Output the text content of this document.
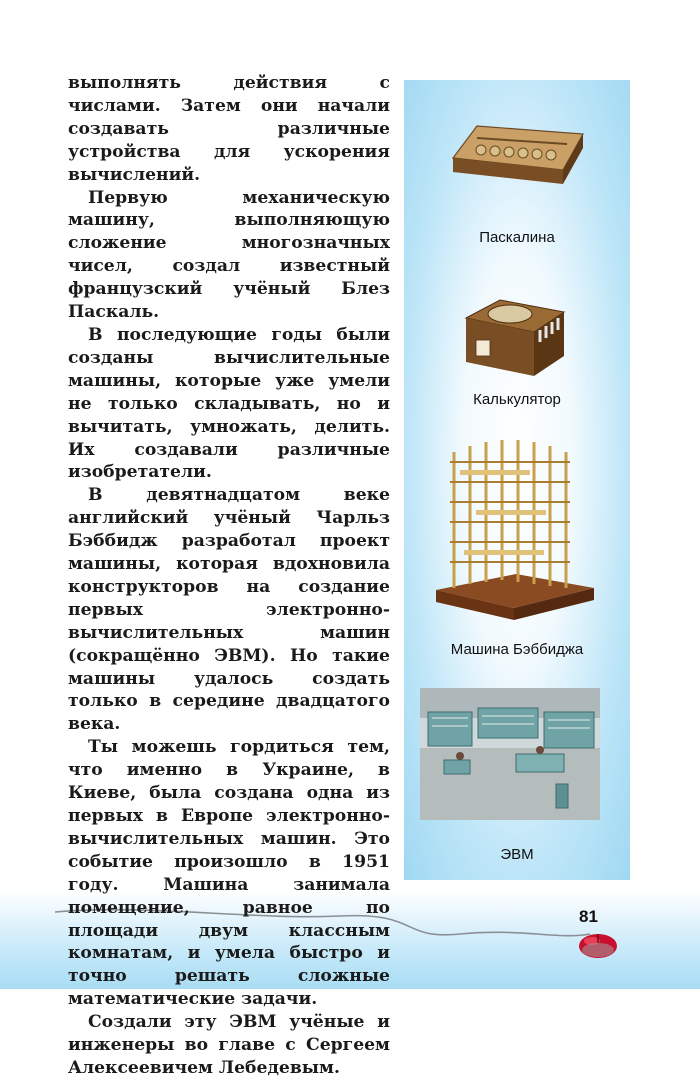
выполнять действия с числами. Затем они начали создавать различные устройства для ускорения вычислений.

Первую механическую машину, выполняющую сложение многозначных чисел, создал известный французский учёный Блез Паскаль.

В последующие годы были созданы вычислительные машины, которые уже умели не только складывать, но и вычитать, умножать, делить. Их создавали различные изобретатели.

В девятнадцатом веке английский учёный Чарльз Бэббидж разработал проект машины, которая вдохновила конструкторов на создание первых электронно-вычислительных машин (сокращённо ЭВМ). Но такие машины удалось создать только в середине двадцатого века.

Ты можешь гордиться тем, что именно в Украине, в Киеве, была создана одна из первых в Европе электронно-вычислительных машин. Это событие произошло в 1951 году. Машина занимала помещение, равное по площади двум классным комнатам, и умела быстро и точно решать сложные математические задачи.

Создали эту ЭВМ учёные и инженеры во главе с Сергеем Алексеевичем Лебедевым.

Паскалина
Калькулятор
Машина Бэббиджа
ЭВМ
81
